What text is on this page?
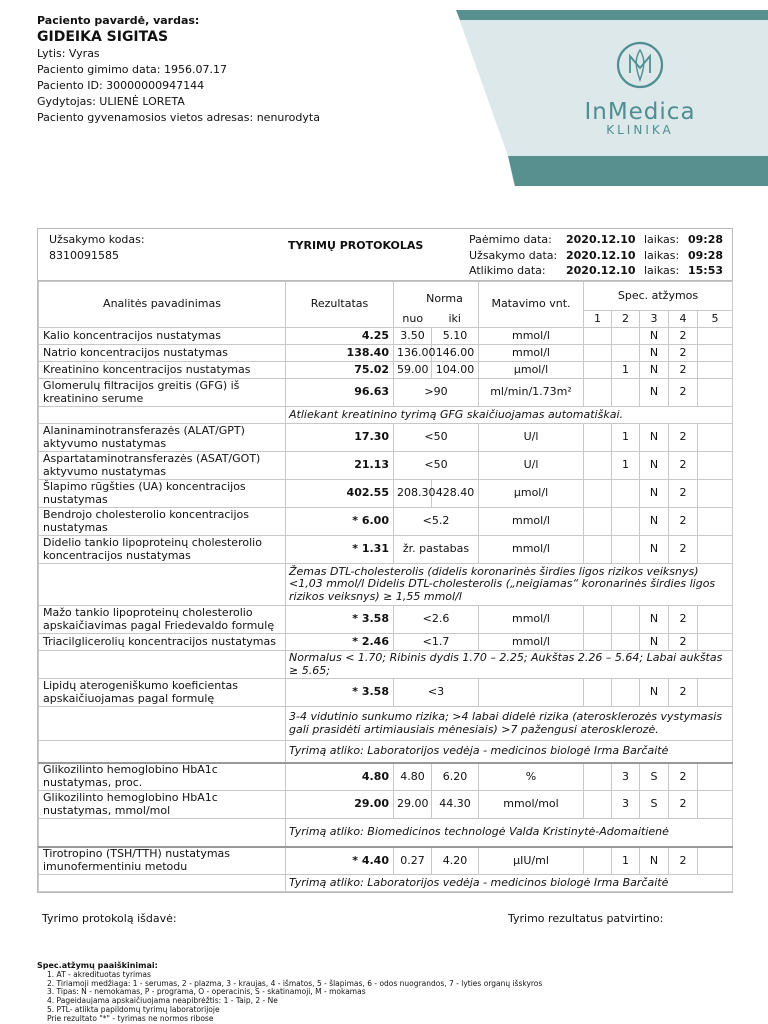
Paciento pavardė, vardas:
GIDEIKA SIGITAS
Lytis: Vyras
Paciento gimimo data: 1956.07.17
Paciento ID: 30000000947144
Gydytojas: ULIENĖ LORETA
Paciento gyvenamosios vietos adresas: nenurodyta	InMedica
KLINIKA
Užsakymo kodas:
8310091585
TYRIMŲ PROTOKOLAS	Paėmimo data:	2020.12.10 laikas: 09:28
Užsakymo data: 2020.12.10 laikas: 09:28
Atlikimo data:	2020.12.10 laikas: 15:53
Analitės pavadinimas	Rezultatas	Norma		Matavimo vnt.	Spec. atžymos				
		nuo	iki		1	2	3	4	5
Kalio koncentracijos nustatymas	4.25	3.50	5.10	mmol/l			N	2	
Natrio koncentracijos nustatymas	138.40	136.00	146.00	mmol/l			N	2	
Kreatinino koncentracijos nustatymas	75.02	59.00	104.00	µmol/l		1	N	2	
Glomerulų filtracijos greitis (GFG) iš kreatinino serume	96.63	>90		ml/min/1.73m²			N	2	
	Atliekant kreatinino tyrimą GFG skaičiuojamas automatiškai.								
Alaninaminotransferazės (ALAT/GPT) aktyvumo nustatymas	17.30	<50		U/l		1	N	2	
Aspartataminotransferazės (ASAT/GOT) aktyvumo nustatymas	21.13	<50		U/l		1	N	2	
Šlapimo rūgšties (UA) koncentracijos nustatymas	402.55	208.30	428.40	µmol/l			N	2	
Bendrojo cholesterolio koncentracijos nustatymas	* 6.00	<5.2		mmol/l			N	2	
Didelio tankio lipoproteinų cholesterolio koncentracijos nustatymas	* 1.31	žr. pastabas		mmol/l			N	2	
	Žemas DTL-cholesterolis (didelis koronarinės širdies ligos rizikos veiksnys) <1,03 mmol/l Didelis DTL-cholesterolis („neigiamas“ koronarinės širdies ligos rizikos veiksnys) ≥ 1,55 mmol/l								
Mažo tankio lipoproteinų cholesterolio apskaičiavimas pagal Friedevaldo formulę	* 3.58	<2.6		mmol/l			N	2	
Triacilglicerolių koncentracijos nustatymas	* 2.46	<1.7		mmol/l			N	2	
	Normalus < 1.70; Ribinis dydis 1.70 – 2.25; Aukštas 2.26 – 5.64; Labai aukštas ≥ 5.65;								
Lipidų aterogeniškumo koeficientas apskaičiuojamas pagal formulę	* 3.58	<3					N	2	
	3-4 vidutinio sunkumo rizika; >4 labai didelė rizika (aterosklerozės vystymasis gali prasidėti artimiausiais mėnesiais) >7 pažengusi aterosklerozė.								
	Tyrimą atliko: Laboratorijos vedėja - medicinos biologė Irma Barčaitė								
Glikozilinto hemoglobino HbA1c nustatymas, proc.	4.80	4.80	6.20	%		3	S	2	
Glikozilinto hemoglobino HbA1c nustatymas, mmol/mol	29.00	29.00	44.30	mmol/mol		3	S	2	
	Tyrimą atliko: Biomedicinos technologė Valda Kristinytė-Adomaitienė								
Tirotropino (TSH/TTH) nustatymas imunofermentiniu metodu	* 4.40	0.27	4.20	µIU/ml		1	N	2	
	Tyrimą atliko: Laboratorijos vedėja - medicinos biologė Irma Barčaitė								
Tyrimo protokolą išdavė:	Tyrimo rezultatus patvirtino:
Spec.atžymų paaiškinimai:
1. AT - akredituotas tyrimas
2. Tiriamoji medžiaga: 1 - serumas, 2 - plazma, 3 - kraujas, 4 - išmatos, 5 - šlapimas, 6 - odos nuograndos, 7 - lyties organų išskyros
3. Tipas: N - nemokamas, P - programa, O - operacinis, S - skatinamoji, M - mokamas
4. Pageidaujama apskaičiuojama neapibrėžtis: 1 - Taip, 2 - Ne
5. PTL- atlikta papildomų tyrimų laboratorijoje
Prie rezultato "*" - tyrimas ne normos ribose
